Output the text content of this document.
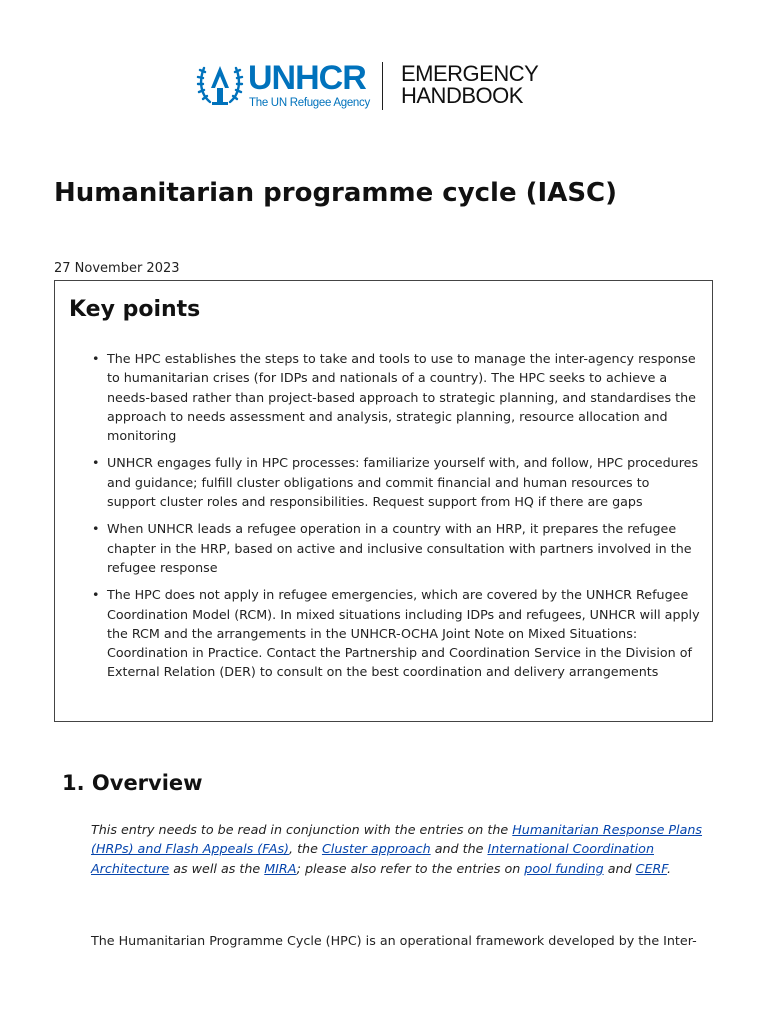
UNHCR
The UN Refugee Agency
EMERGENCY
HANDBOOK
Humanitarian programme cycle (IASC)
27 November 2023
Key points
• The HPC establishes the steps to take and tools to use to manage the inter-agency response to humanitarian crises (for IDPs and nationals of a country). The HPC seeks to achieve a needs-based rather than project-based approach to strategic planning, and standardises the approach to needs assessment and analysis, strategic planning, resource allocation and monitoring
• UNHCR engages fully in HPC processes: familiarize yourself with, and follow, HPC procedures and guidance; fulfill cluster obligations and commit financial and human resources to support cluster roles and responsibilities. Request support from HQ if there are gaps
• When UNHCR leads a refugee operation in a country with an HRP, it prepares the refugee chapter in the HRP, based on active and inclusive consultation with partners involved in the refugee response
• The HPC does not apply in refugee emergencies, which are covered by the UNHCR Refugee Coordination Model (RCM). In mixed situations including IDPs and refugees, UNHCR will apply the RCM and the arrangements in the UNHCR-OCHA Joint Note on Mixed Situations: Coordination in Practice. Contact the Partnership and Coordination Service in the Division of External Relation (DER) to consult on the best coordination and delivery arrangements
1. Overview

This entry needs to be read in conjunction with the entries on the Humanitarian Response Plans (HRPs) and Flash Appeals (FAs), the Cluster approach and the International Coordination Architecture as well as the MIRA; please also refer to the entries on pool funding and CERF.

The Humanitarian Programme Cycle (HPC) is an operational framework developed by the Inter-
